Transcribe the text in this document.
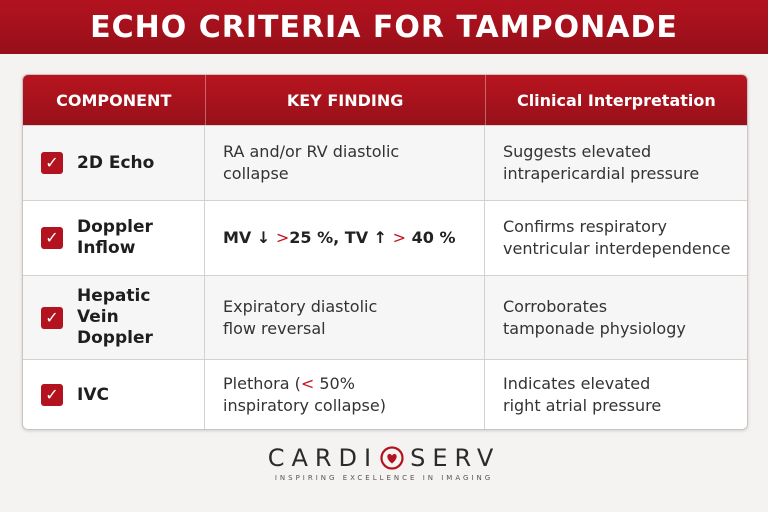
ECHO CRITERIA FOR TAMPONADE
COMPONENT	KEY FINDING	Clinical Interpretation
✓ 2D Echo
RA and/or RV diastolic
collapse
Suggests elevated
intrapericardial pressure
✓
Doppler
Inflow
MV ↓ >25 %, TV ↑ > 40 %
Confirms respiratory
ventricular interdependence
✓
Hepatic
Vein
Doppler
Expiratory diastolic
flow reversal
Corroborates
tamponade physiology
✓ IVC
Plethora (< 50%
inspiratory collapse)
Indicates elevated
right atrial pressure
CARDI SERV
INSPIRING EXCELLENCE IN IMAGING
